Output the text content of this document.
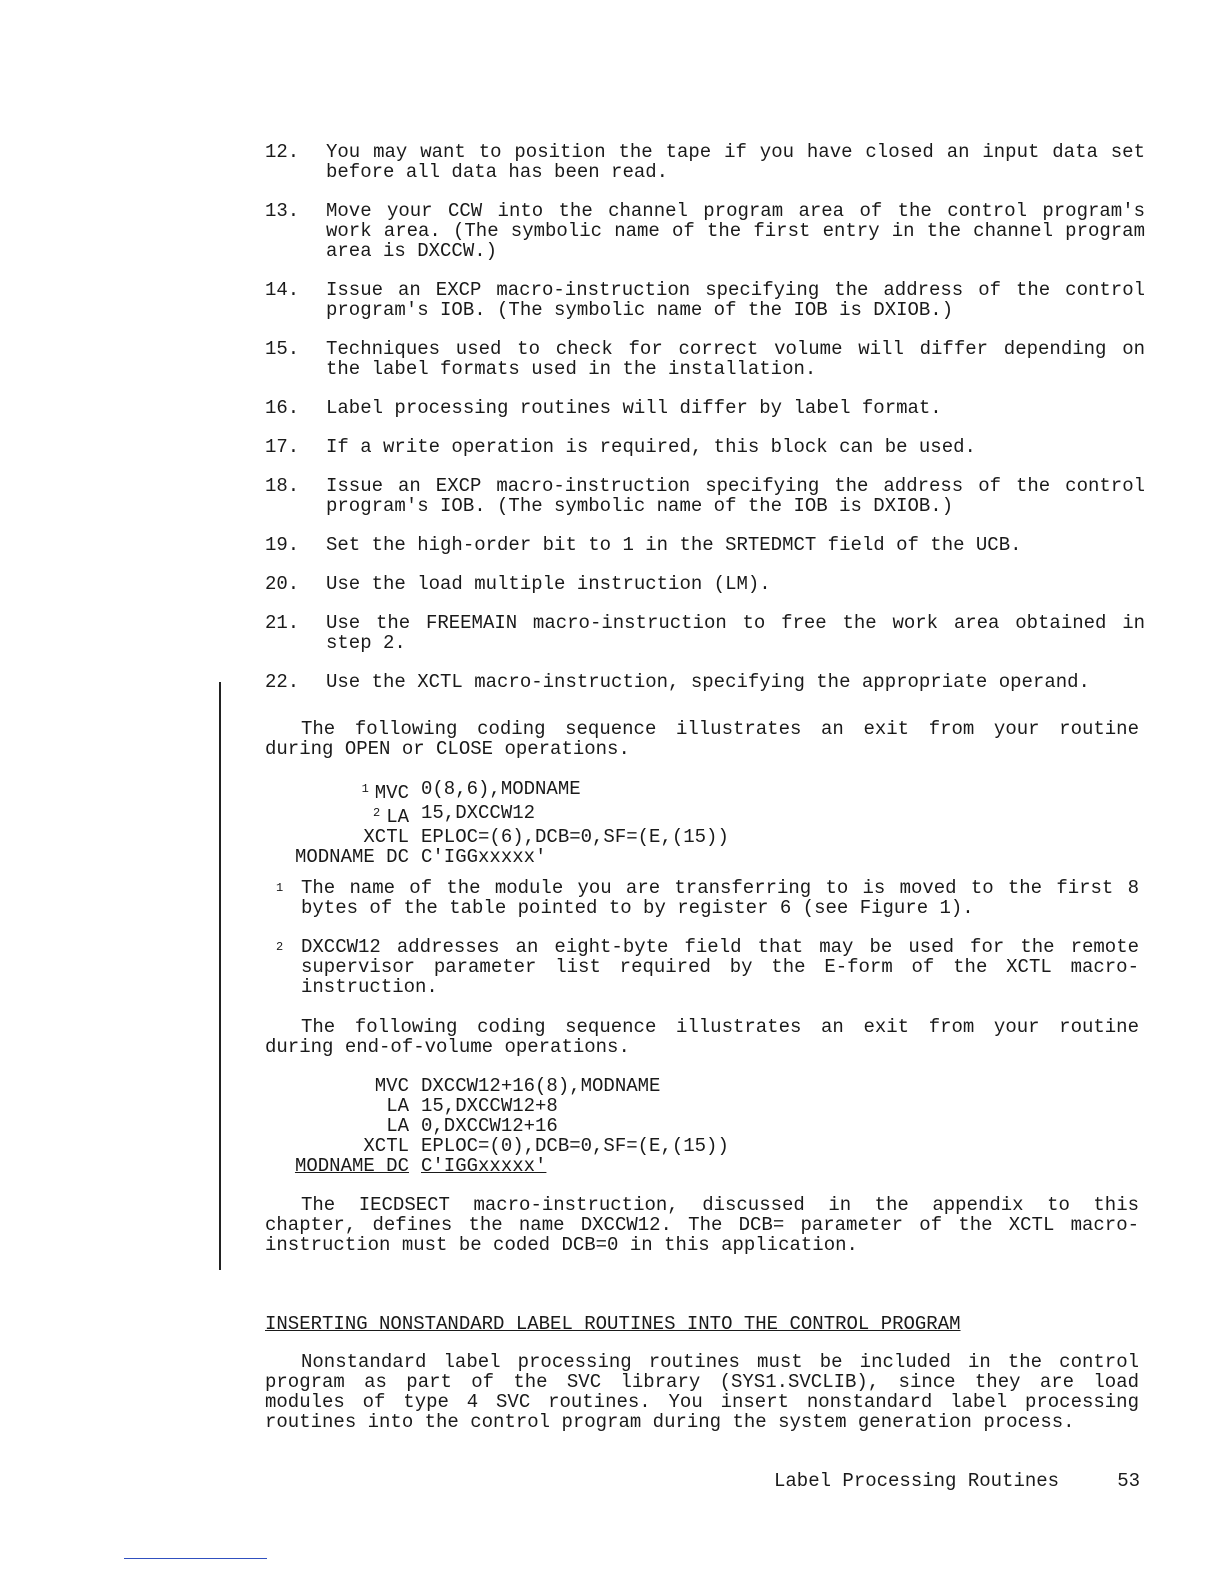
12.	You may want to position the tape if you have closed an input data set before all data has been read.
13.	Move your CCW into the channel program area of the control program's work area. (The symbolic name of the first entry in the channel program area is DXCCW.)
14.	Issue an EXCP macro-instruction specifying the address of the control program's IOB. (The symbolic name of the IOB is DXIOB.)
15.	Techniques used to check for correct volume will differ depending on the label formats used in the installation.
16.	Label processing routines will differ by label format.
17.	If a write operation is required, this block can be used.
18.	Issue an EXCP macro-instruction specifying the address of the control program's IOB. (The symbolic name of the IOB is DXIOB.)
19.	Set the high-order bit to 1 in the SRTEDMCT field of the UCB.
20.	Use the load multiple instruction (LM).
21.	Use the FREEMAIN macro-instruction to free the work area obtained in step 2.
22.	Use the XCTL macro-instruction, specifying the appropriate operand.

The following coding sequence illustrates an exit from your routine during OPEN or CLOSE operations.

$^1$ MVC 0(8,6),MODNAME
$^2$ LA 15,DXCCW12
XCTL EPLOC=(6),DCB=0,SF=(E,(15))
MODNAME DC C'IGGxxxxx'
1 The name of the module you are transferring to is moved to the first 8 bytes of the table pointed to by register 6 (see Figure 1).
2 DXCCW12 addresses an eight-byte field that may be used for the remote supervisor parameter list required by the E-form of the XCTL macro-instruction.

The following coding sequence illustrates an exit from your routine during end-of-volume operations.

MVC DXCCW12+16(8),MODNAME
LA 15,DXCCW12+8
LA 0,DXCCW12+16
XCTL EPLOC=(0),DCB=0,SF=(E,(15))
MODNAME DC C'IGGxxxxx'

The IECDSECT macro-instruction, discussed in the appendix to this chapter, defines the name DXCCW12. The DCB= parameter of the XCTL macro-instruction must be coded DCB=0 in this application.

INSERTING NONSTANDARD LABEL ROUTINES INTO THE CONTROL PROGRAM

Nonstandard label processing routines must be included in the control program as part of the SVC library (SYS1.SVCLIB), since they are load modules of type 4 SVC routines. You insert nonstandard label processing routines into the control program during the system generation process.

Label Processing Routines	53
